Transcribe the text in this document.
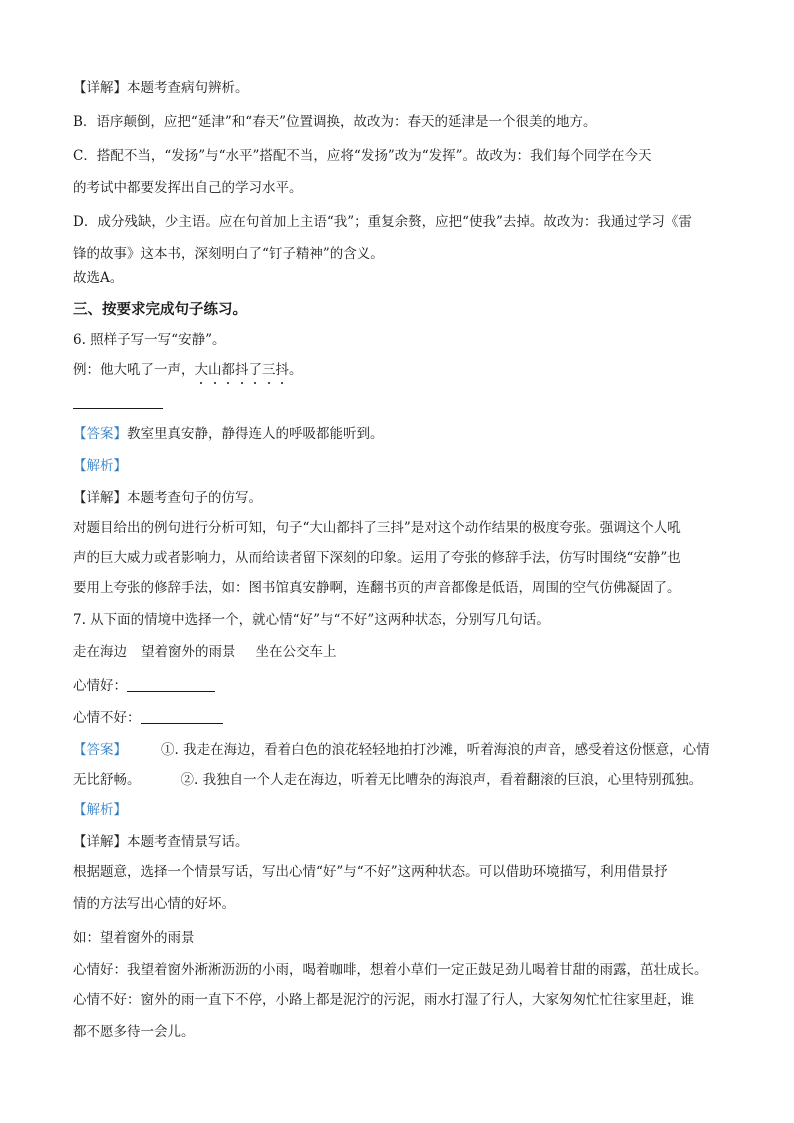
【详解】本题考查病句辨析。
B．语序颠倒，应把“延津”和“春天”位置调换，故改为：春天的延津是一个很美的地方。
C．搭配不当，“发扬”与“水平”搭配不当，应将“发扬”改为“发挥”。故改为：我们每个同学在今天
的考试中都要发挥出自己的学习水平。
D．成分残缺，少主语。应在句首加上主语“我”；重复余赘，应把“使我”去掉。故改为：我通过学习《雷
锋的故事》这本书，深刻明白了“钉子精神”的含义。
故选A。
三、按要求完成句子练习。
6. 照样子写一写“安静”。
例：他大吼了一声，大山都抖了三抖。
【答案】教室里真安静，静得连人的呼吸都能听到。
【解析】
【详解】本题考查句子的仿写。
对题目给出的例句进行分析可知，句子“大山都抖了三抖”是对这个动作结果的极度夸张。强调这个人吼
声的巨大威力或者影响力，从而给读者留下深刻的印象。运用了夸张的修辞手法，仿写时围绕“安静”也
要用上夸张的修辞手法，如：图书馆真安静啊，连翻书页的声音都像是低语，周围的空气仿佛凝固了。
7. 从下面的情境中选择一个，就心情“好”与“不好”这两种状态，分别写几句话。
走在海边 望着窗外的雨景 坐在公交车上
心情好：
心情不好：
【答案】	①. 我走在海边，看着白色的浪花轻轻地拍打沙滩，听着海浪的声音，感受着这份惬意，心情
无比舒畅。	②. 我独自一个人走在海边，听着无比嘈杂的海浪声，看着翻滚的巨浪，心里特别孤独。
【解析】
【详解】本题考查情景写话。
根据题意，选择一个情景写话，写出心情“好”与“不好”这两种状态。可以借助环境描写，利用借景抒
情的方法写出心情的好坏。
如：望着窗外的雨景
心情好：我望着窗外淅淅沥沥的小雨，喝着咖啡，想着小草们一定正鼓足劲儿喝着甘甜的雨露，茁壮成长。
心情不好：窗外的雨一直下不停，小路上都是泥泞的污泥，雨水打湿了行人，大家匆匆忙忙往家里赶，谁
都不愿多待一会儿。
